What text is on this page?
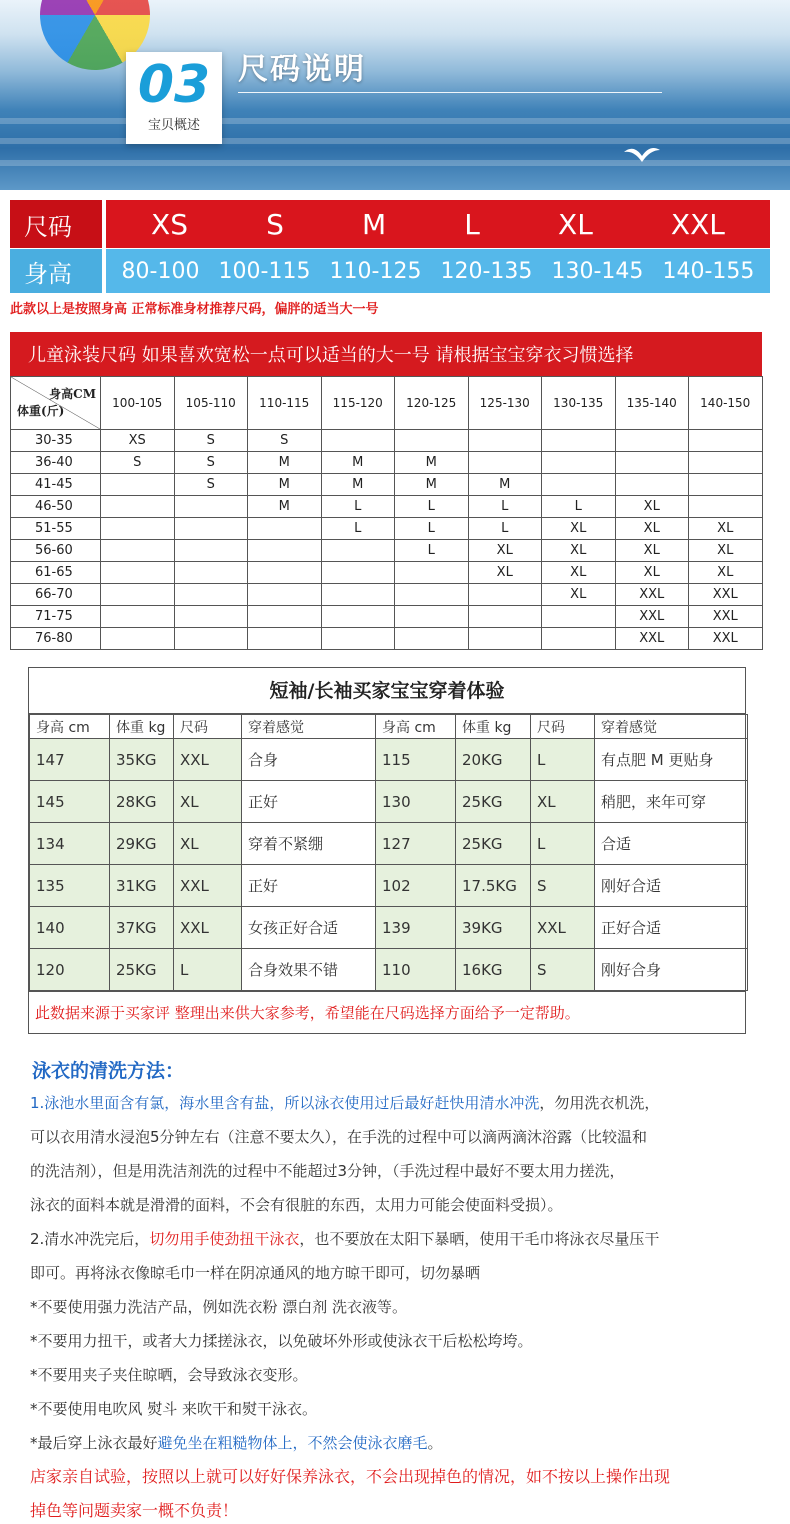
03
宝贝概述
尺码说明
尺码	XS	S	M	L	XL	XXL
身高	80-100 100-115 110-125 120-135 130-145 140-155
此款以上是按照身高 正常标准身材推荐尺码，偏胖的适当大一号
儿童泳装尺码 如果喜欢宽松一点可以适当的大一号 请根据宝宝穿衣习惯选择
身高CM
体重(斤)	100-105	105-110	110-115	115-120	120-125	125-130	130-135	135-140	140-150
30-35	XS	S	S						
36-40	S	S	M	M	M				
41-45		S	M	M	M	M			
46-50			M	L	L	L	L	XL	
51-55				L	L	L	XL	XL	XL
56-60					L	XL	XL	XL	XL
61-65						XL	XL	XL	XL
66-70							XL	XXL	XXL
71-75								XXL	XXL
76-80								XXL	XXL
短袖/长袖买家宝宝穿着体验
身高 cm	体重 kg	尺码	穿着感觉	身高 cm	体重 kg	尺码	穿着感觉
147	35KG	XXL	合身	115	20KG	L	有点肥 M 更贴身
145	28KG	XL	正好	130	25KG	XL	稍肥，来年可穿
134	29KG	XL	穿着不紧绷	127	25KG	L	合适
135	31KG	XXL	正好	102	17.5KG	S	刚好合适
140	37KG	XXL	女孩正好合适	139	39KG	XXL	正好合适
120	25KG	L	合身效果不错	110	16KG	S	刚好合身
此数据来源于买家评 整理出来供大家参考，希望能在尺码选择方面给予一定帮助。
泳衣的清洗方法：

1.泳池水里面含有氯，海水里含有盐，所以泳衣使用过后最好赶快用清水冲洗，勿用洗衣机洗，

可以衣用清水浸泡5分钟左右（注意不要太久），在手洗的过程中可以滴两滴沐浴露（比较温和

的洗洁剂），但是用洗洁剂洗的过程中不能超过3分钟，（手洗过程中最好不要太用力搓洗，

泳衣的面料本就是滑滑的面料，不会有很脏的东西，太用力可能会使面料受损）。

2.清水冲洗完后，切勿用手使劲扭干泳衣，也不要放在太阳下暴晒，使用干毛巾将泳衣尽量压干

即可。再将泳衣像晾毛巾一样在阴凉通风的地方晾干即可，切勿暴晒

*不要使用强力洗洁产品，例如洗衣粉 漂白剂 洗衣液等。

*不要用力扭干，或者大力揉搓泳衣，以免破坏外形或使泳衣干后松松垮垮。

*不要用夹子夹住晾晒，会导致泳衣变形。

*不要使用电吹风 熨斗 来吹干和熨干泳衣。

*最后穿上泳衣最好避免坐在粗糙物体上，不然会使泳衣磨毛。

店家亲自试验，按照以上就可以好好保养泳衣，不会出现掉色的情况，如不按以上操作出现

掉色等问题卖家一概不负责！
